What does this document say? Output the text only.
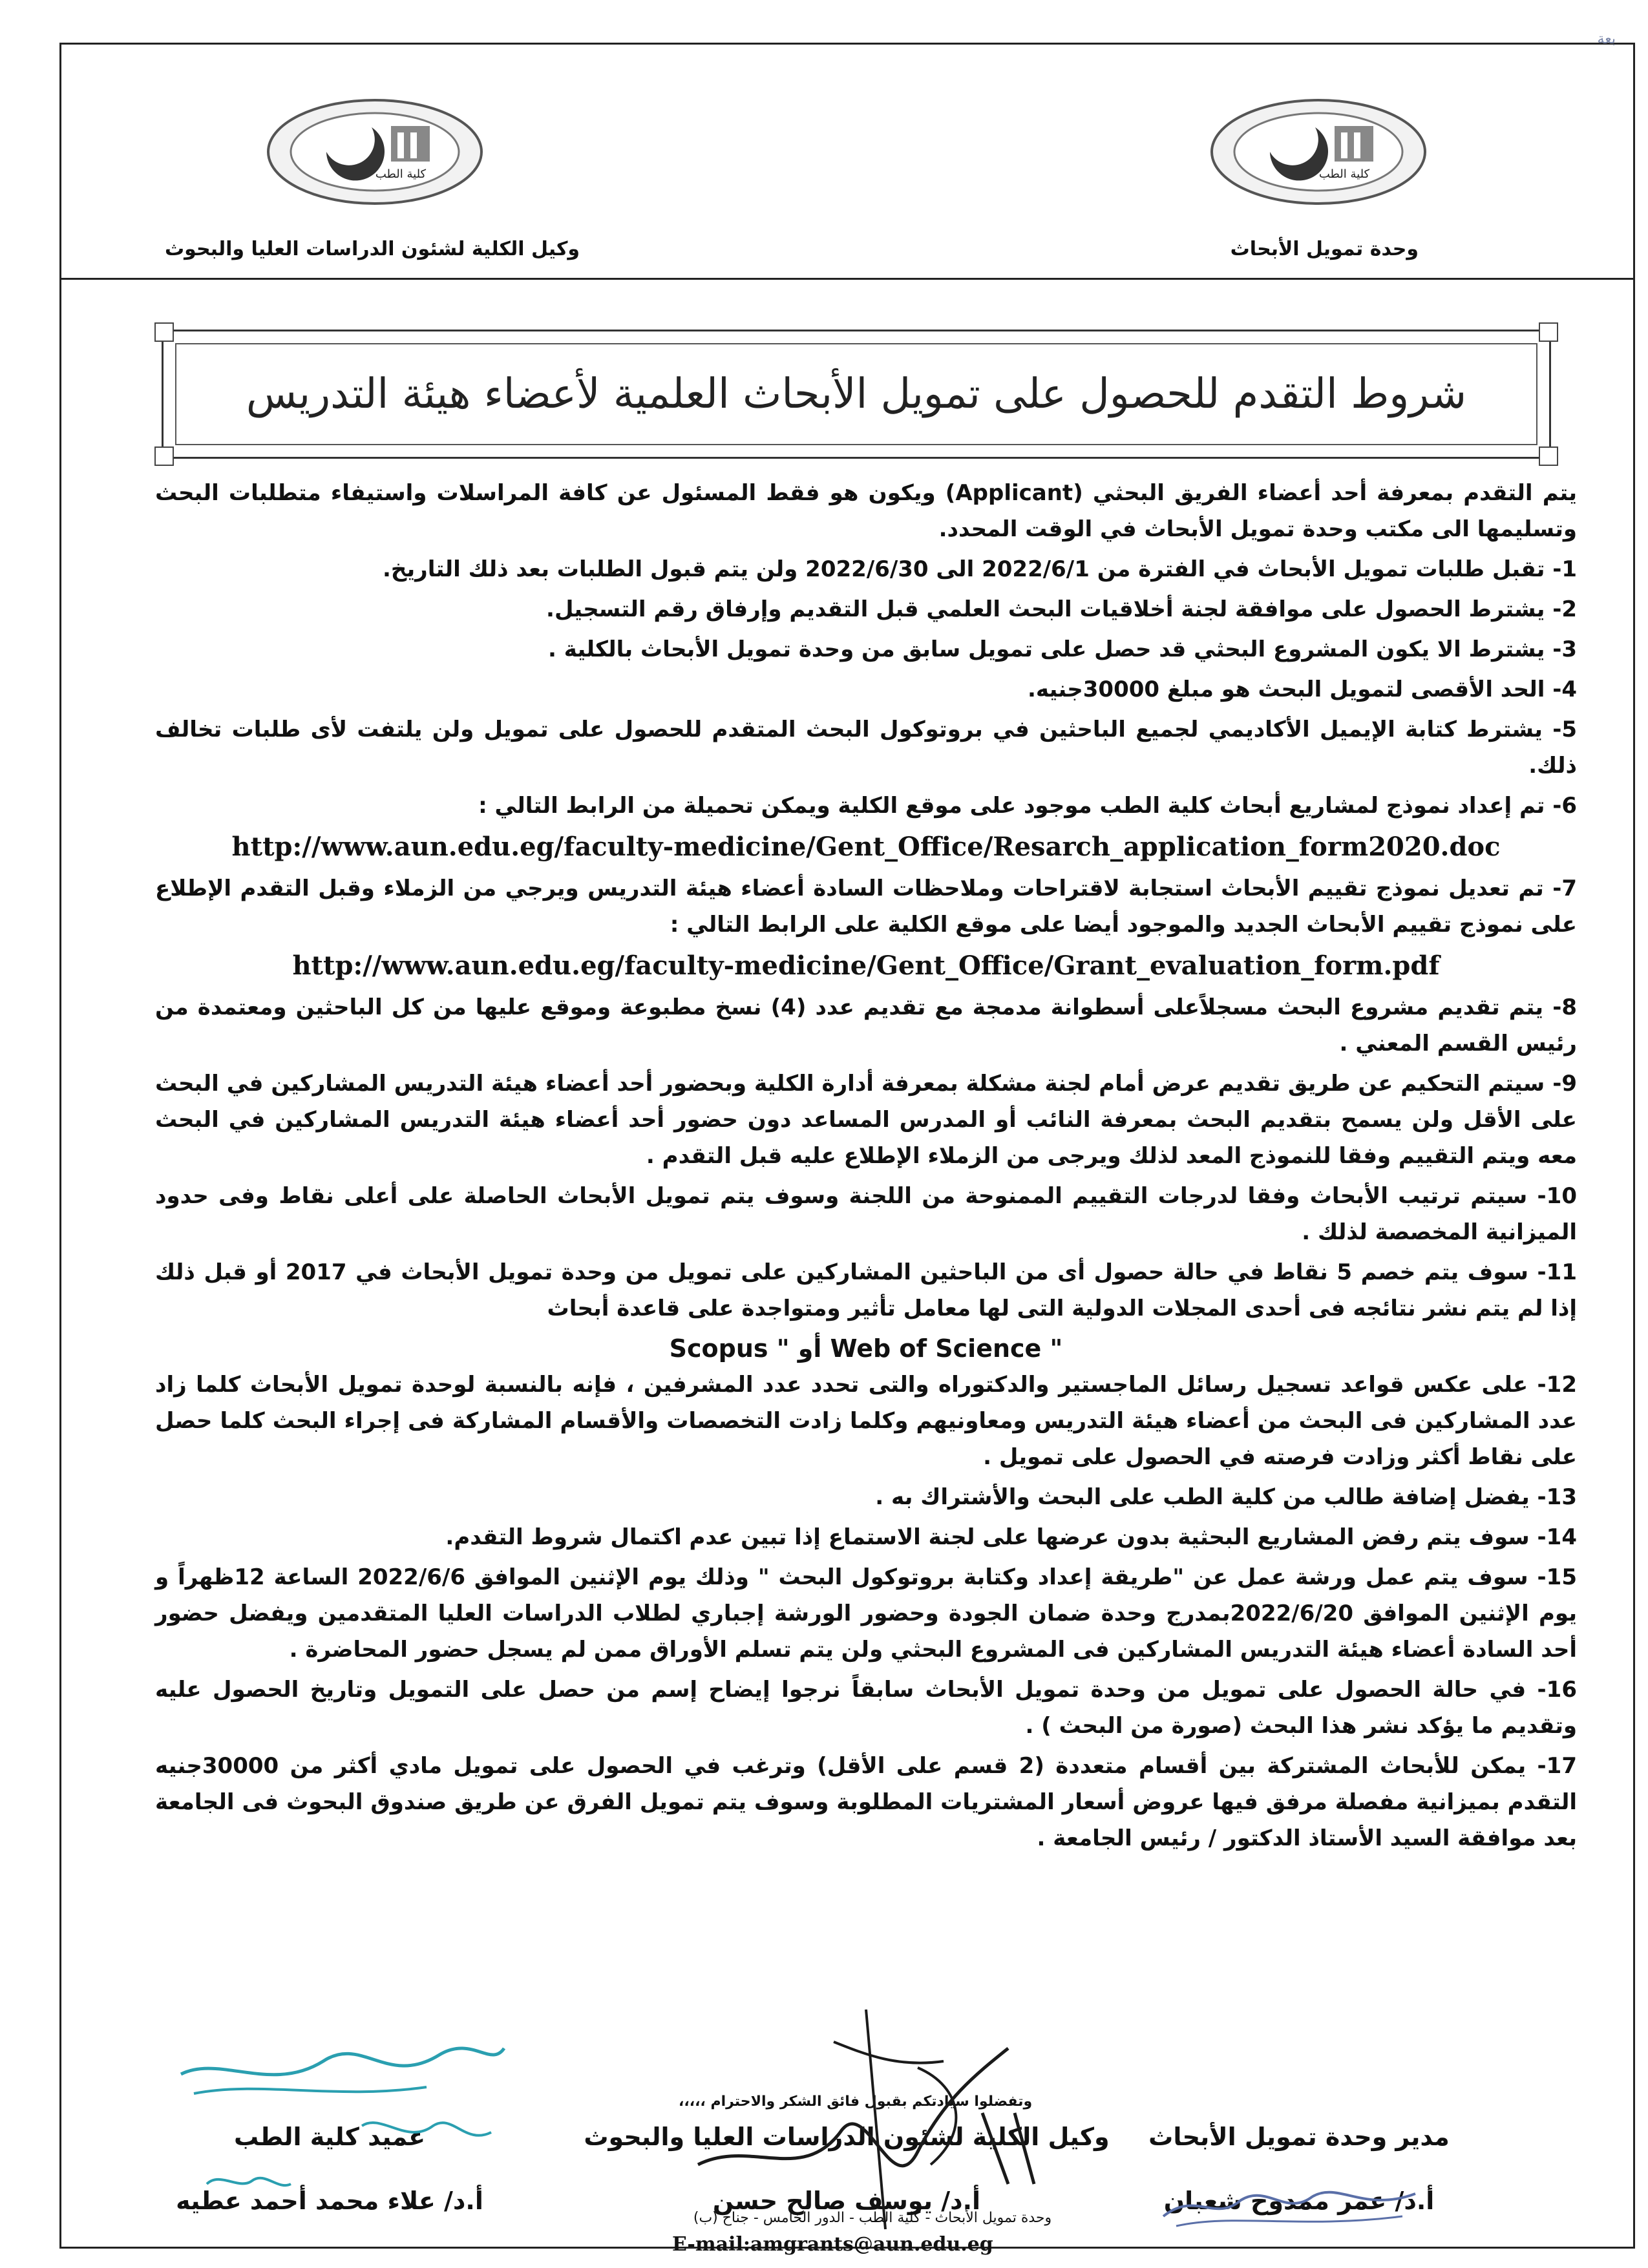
بعة
كلية الطب
كلية الطب
وحدة تمويل الأبحاث
وكيل الكلية لشئون الدراسات العليا والبحوث
شروط التقدم للحصول على تمويل الأبحاث العلمية لأعضاء هيئة التدريس

يتم التقدم بمعرفة أحد أعضاء الفريق البحثي (Applicant) ويكون هو فقط المسئول عن كافة المراسلات واستيفاء متطلبات البحث وتسليمها الى مكتب وحدة تمويل الأبحاث في الوقت المحدد.

1- تقبل طلبات تمويل الأبحاث في الفترة من 2022/6/1 الى 2022/6/30 ولن يتم قبول الطلبات بعد ذلك التاريخ.

2- يشترط الحصول على موافقة لجنة أخلاقيات البحث العلمي قبل التقديم وإرفاق رقم التسجيل.

3- يشترط الا يكون المشروع البحثي قد حصل على تمويل سابق من وحدة تمويل الأبحاث بالكلية .

4- الحد الأقصى لتمويل البحث هو مبلغ 30000جنيه.

5- يشترط كتابة الإيميل الأكاديمي لجميع الباحثين في بروتوكول البحث المتقدم للحصول على تمويل ولن يلتفت لأى طلبات تخالف ذلك.

6- تم إعداد نموذج لمشاريع أبحاث كلية الطب موجود على موقع الكلية ويمكن تحميلة من الرابط التالي :

http://www.aun.edu.eg/faculty-medicine/Gent_Office/Resarch_application_form2020.doc

7- تم تعديل نموذج تقييم الأبحاث استجابة لاقتراحات وملاحظات السادة أعضاء هيئة التدريس ويرجي من الزملاء وقبل التقدم الإطلاع على نموذج تقييم الأبحاث الجديد والموجود أيضا على موقع الكلية على الرابط التالي :

http://www.aun.edu.eg/faculty-medicine/Gent_Office/Grant_evaluation_form.pdf

8- يتم تقديم مشروع البحث مسجلاًعلى أسطوانة مدمجة مع تقديم عدد (4) نسخ مطبوعة وموقع عليها من كل الباحثين ومعتمدة من رئيس القسم المعني .

9- سيتم التحكيم عن طريق تقديم عرض أمام لجنة مشكلة بمعرفة أدارة الكلية وبحضور أحد أعضاء هيئة التدريس المشاركين في البحث على الأقل ولن يسمح بتقديم البحث بمعرفة النائب أو المدرس المساعد دون حضور أحد أعضاء هيئة التدريس المشاركين في البحث معه ويتم التقييم وفقا للنموذج المعد لذلك ويرجى من الزملاء الإطلاع عليه قبل التقدم .

10- سيتم ترتيب الأبحاث وفقا لدرجات التقييم الممنوحة من اللجنة وسوف يتم تمويل الأبحاث الحاصلة على أعلى نقاط وفى حدود الميزانية المخصصة لذلك .

11- سوف يتم خصم 5 نقاط في حالة حصول أى من الباحثين المشاركين على تمويل من وحدة تمويل الأبحاث في 2017 أو قبل ذلك إذا لم يتم نشر نتائجه فى أحدى المجلات الدولية التى لها معامل تأثير ومتواجدة على قاعدة أبحاث

" Web of Science أو " Scopus

12- على عكس قواعد تسجيل رسائل الماجستير والدكتوراه والتى تحدد عدد المشرفين ، فإنه بالنسبة لوحدة تمويل الأبحاث كلما زاد عدد المشاركين فى البحث من أعضاء هيئة التدريس ومعاونيهم وكلما زادت التخصصات والأقسام المشاركة فى إجراء البحث كلما حصل على نقاط أكثر وزادت فرصته في الحصول على تمويل .

13- يفضل إضافة طالب من كلية الطب على البحث والأشتراك به .

14- سوف يتم رفض المشاريع البحثية بدون عرضها على لجنة الاستماع إذا تبين عدم اكتمال شروط التقدم.

15- سوف يتم عمل ورشة عمل عن "طريقة إعداد وكتابة بروتوكول البحث " وذلك يوم الإثنين الموافق 2022/6/6 الساعة 12ظهراً و يوم الإثنين الموافق 2022/6/20بمدرج وحدة ضمان الجودة وحضور الورشة إجباري لطلاب الدراسات العليا المتقدمين ويفضل حضور أحد السادة أعضاء هيئة التدريس المشاركين فى المشروع البحثي ولن يتم تسلم الأوراق ممن لم يسجل حضور المحاضرة .

16- في حالة الحصول على تمويل من وحدة تمويل الأبحاث سابقاً نرجوا إيضاح إسم من حصل على التمويل وتاريخ الحصول عليه وتقديم ما يؤكد نشر هذا البحث (صورة من البحث ) .

17- يمكن للأبحاث المشتركة بين أقسام متعددة (2 قسم على الأقل) وترغب في الحصول على تمويل مادي أكثر من 30000جنيه التقدم بميزانية مفصلة مرفق فيها عروض أسعار المشتريات المطلوبة وسوف يتم تمويل الفرق عن طريق صندوق البحوث فى الجامعة بعد موافقة السيد الأستاذ الدكتور / رئيس الجامعة .

وتفضلوا سيادتكم بقبول فائق الشكر والاحترام ،،،،،
مدير وحدة تمويل الأبحاث
أ.د/ عمر ممدوح شعبان
وكيل الكلية لشئون الدراسات العليا والبحوث
أ.د/ يوسف صالح حسن
عميد كلية الطب
أ.د/ علاء محمد أحمد عطيه
وحدة تمويل الأبحاث - كلية الطب - الدور الخامس - جناح (ب)
E-mail:amgrants@aun.edu.eg
